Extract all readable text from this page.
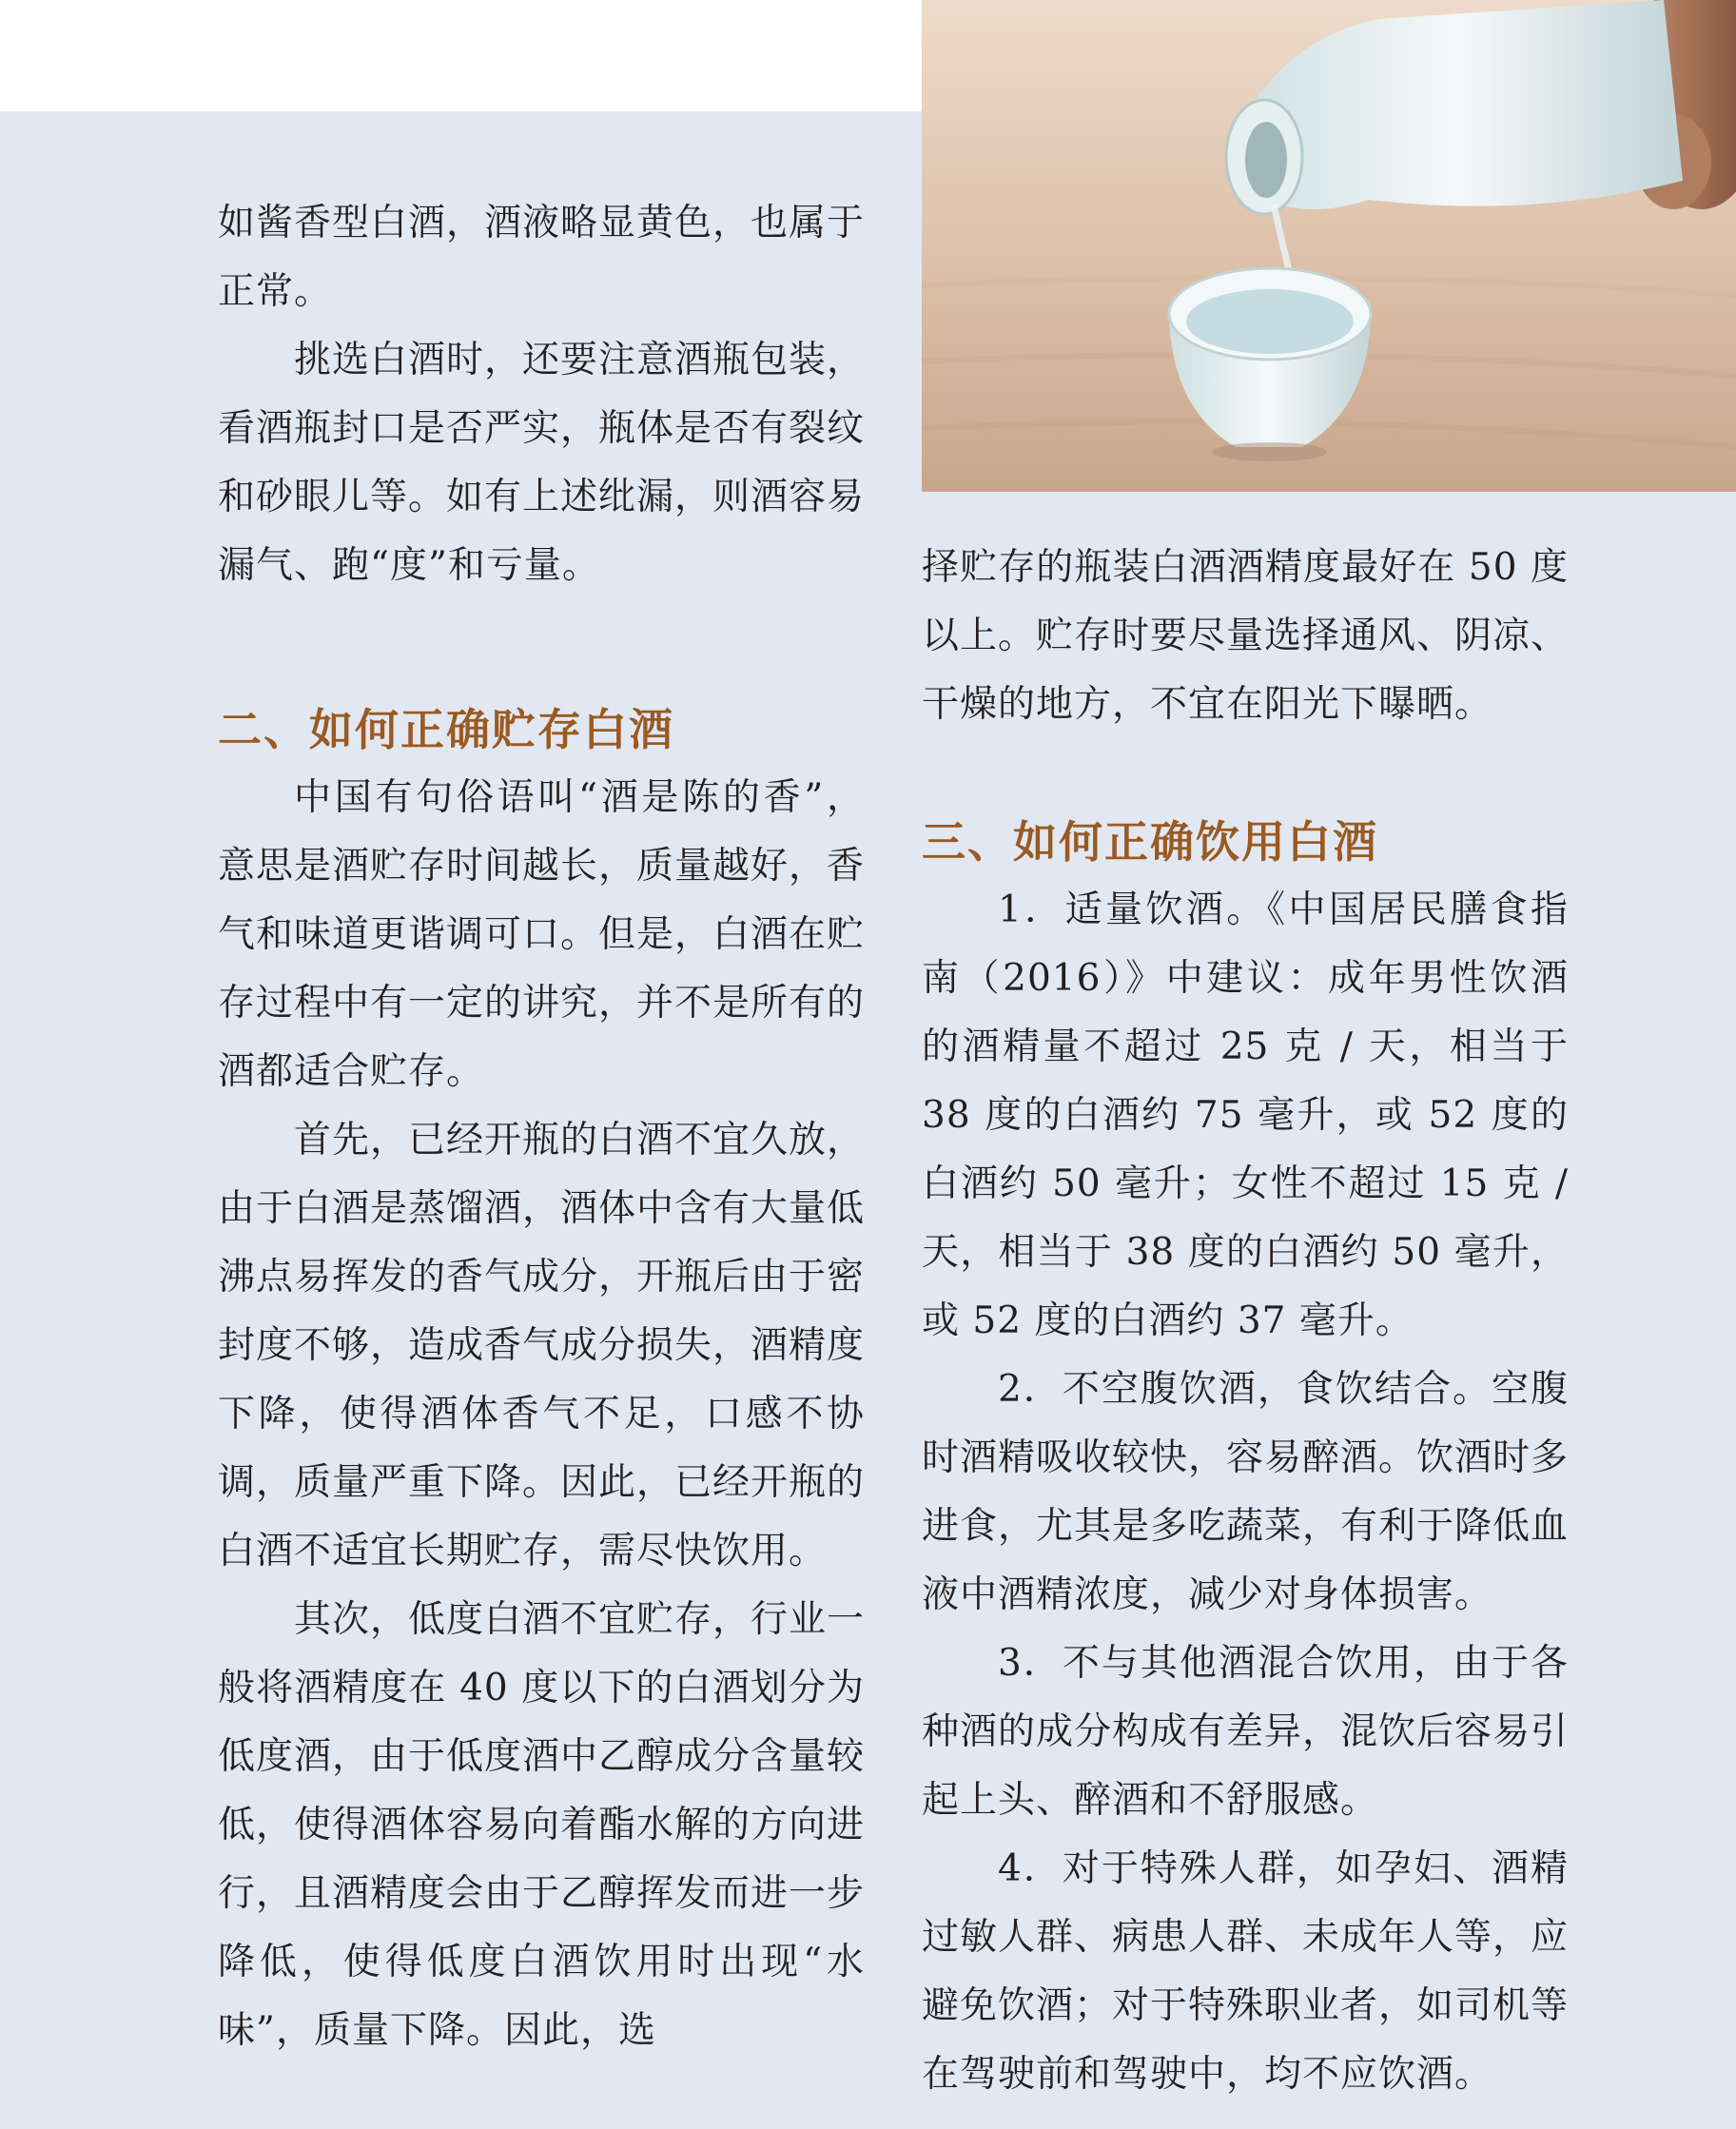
如酱香型白酒，酒液略显黄色，也属于正常。

挑选白酒时，还要注意酒瓶包装，看酒瓶封口是否严实，瓶体是否有裂纹和砂眼儿等。如有上述纰漏，则酒容易漏气、跑“度”和亏量。

二、如何正确贮存白酒

中国有句俗语叫“酒是陈的香”，意思是酒贮存时间越长，质量越好，香气和味道更谐调可口。但是，白酒在贮存过程中有一定的讲究，并不是所有的酒都适合贮存。

首先，已经开瓶的白酒不宜久放，由于白酒是蒸馏酒，酒体中含有大量低沸点易挥发的香气成分，开瓶后由于密封度不够，造成香气成分损失，酒精度下降，使得酒体香气不足，口感不协调，质量严重下降。因此，已经开瓶的白酒不适宜长期贮存，需尽快饮用。

其次，低度白酒不宜贮存，行业一般将酒精度在 40 度以下的白酒划分为低度酒，由于低度酒中乙醇成分含量较低，使得酒体容易向着酯水解的方向进行，且酒精度会由于乙醇挥发而进一步降低，使得低度白酒饮用时出现“水味”，质量下降。因此，选

择贮存的瓶装白酒酒精度最好在 50 度以上。贮存时要尽量选择通风、阴凉、干燥的地方，不宜在阳光下曝晒。

三、如何正确饮用白酒

1．适量饮酒。《中国居民膳食指南（2016）》中建议：成年男性饮酒的酒精量不超过 25 克 / 天，相当于 38 度的白酒约 75 毫升，或 52 度的白酒约 50 毫升；女性不超过 15 克 / 天，相当于 38 度的白酒约 50 毫升，或 52 度的白酒约 37 毫升。

2．不空腹饮酒，食饮结合。空腹时酒精吸收较快，容易醉酒。饮酒时多进食，尤其是多吃蔬菜，有利于降低血液中酒精浓度，减少对身体损害。

3．不与其他酒混合饮用，由于各种酒的成分构成有差异，混饮后容易引起上头、醉酒和不舒服感。

4．对于特殊人群，如孕妇、酒精过敏人群、病患人群、未成年人等，应避免饮酒；对于特殊职业者，如司机等在驾驶前和驾驶中，均不应饮酒。
